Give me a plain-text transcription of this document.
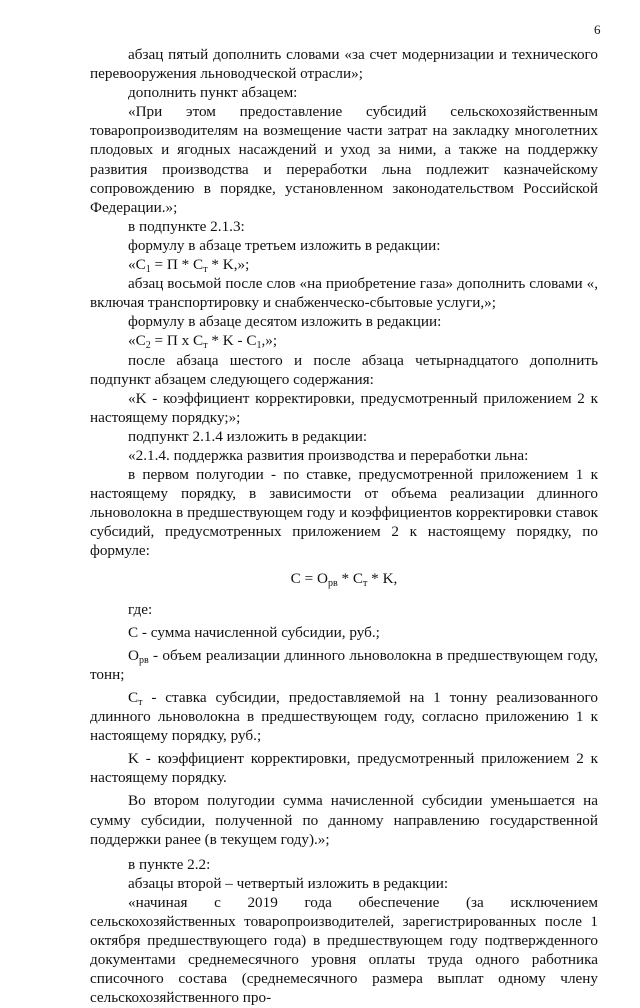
6

абзац пятый дополнить словами «за счет модернизации и технического перевооружения льноводческой отрасли»;

дополнить пункт абзацем:

«При этом предоставление субсидий сельскохозяйственным товаропроизводителям на возмещение части затрат на закладку многолетних плодовых и ягодных насаждений и уход за ними, а также на поддержку развития производства и переработки льна подлежит казначейскому сопровождению в порядке, установленном законодательством Российской Федерации.»;

в подпункте 2.1.3:

формулу в абзаце третьем изложить в редакции:

«$C_1 = П * C_т * K$,»;

абзац восьмой после слов «на приобретение газа» дополнить словами «, включая транспортировку и снабженческо-сбытовые услуги,»;

формулу в абзаце десятом изложить в редакции:

«$C_2 = П$ x $C_т$ * K - $C_1$,»;

после абзаца шестого и после абзаца четырнадцатого дополнить подпункт абзацем следующего содержания:

«K - коэффициент корректировки, предусмотренный приложением 2 к настоящему порядку;»;

подпункт 2.1.4 изложить в редакции:

«2.1.4. поддержка развития производства и переработки льна:

в первом полугодии - по ставке, предусмотренной приложением 1 к настоящему порядку, в зависимости от объема реализации длинного льноволокна в предшествующем году и коэффициентов корректировки ставок субсидий, предусмотренных приложением 2 к настоящему порядку, по формуле:

$C = O_{рв} * C_т * K$,

где:

C - сумма начисленной субсидии, руб.;

$O_{рв}$ - объем реализации длинного льноволокна в предшествующем году, тонн;

$C_т$ - ставка субсидии, предоставляемой на 1 тонну реализованного длинного льноволокна в предшествующем году, согласно приложению 1 к настоящему порядку, руб.;

K - коэффициент корректировки, предусмотренный приложением 2 к настоящему порядку.

Во втором полугодии сумма начисленной субсидии уменьшается на сумму субсидии, полученной по данному направлению государственной поддержки ранее (в текущем году).»;

в пункте 2.2:

абзацы второй – четвертый изложить в редакции:

«начиная с 2019 года обеспечение (за исключением сельскохозяйственных товаропроизводителей, зарегистрированных после 1 октября предшествующего года) в предшествующем году подтвержденного документами среднемесячного уровня оплаты труда одного работника списочного состава (среднемесячного размера выплат одному члену сельскохозяйственного про-
